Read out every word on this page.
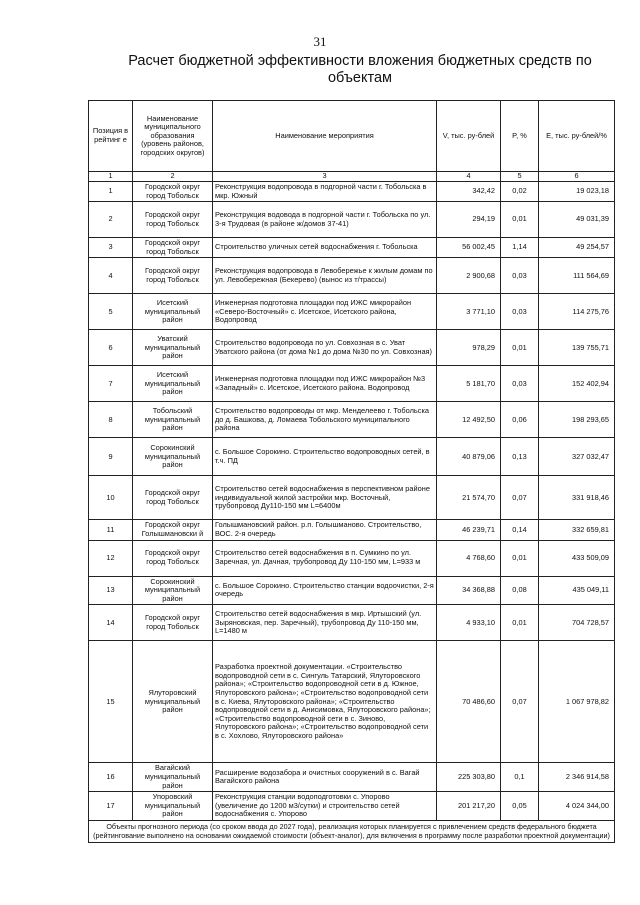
31
Расчет бюджетной эффективности вложения бюджетных средств по объектам
Позиция в рейтинг е	Наименование муниципального образования (уровень районов, городских округов)	Наименование мероприятия	V, тыс. ру-блей	P, %	E, тыс. ру-блей/%
1	2	3	4	5	6
1	Городской округ город Тобольск	Реконструкция водопровода в подгорной части г. Тобольска в мкр. Южный	342,42	0,02	19 023,18
2	Городской округ город Тобольск	Реконструкция водовода в подгорной части г. Тобольска по ул. 3-я Трудовая (в районе ж/домов 37-41)	294,19	0,01	49 031,39
3	Городской округ город Тобольск	Строительство уличных сетей водоснабжения г. Тобольска	56 002,45	1,14	49 254,57
4	Городской округ город Тобольск	Реконструкция водопровода в Левобережье к жилым домам по ул. Левобережная (Бекерево) (вынос из т/трассы)	2 900,68	0,03	111 564,69
5	Исетский муниципальный район	Инженерная подготовка площадки под ИЖС микрорайон «Северо-Восточный» с. Исетское, Исетского района, Водопровод	3 771,10	0,03	114 275,76
6	Уватский муниципальный район	Строительство водопровода по ул. Совхозная в с. Уват Уватского района (от дома №1 до дома №30 по ул. Совхозная)	978,29	0,01	139 755,71
7	Исетский муниципальный район	Инженерная подготовка площадки под ИЖС микрорайон №3 «Западный» с. Исетское, Исетского района. Водопровод	5 181,70	0,03	152 402,94
8	Тобольский муниципальный район	Строительство водопроводы от мкр. Менделеево г. Тобольска до д. Башкова, д. Ломаева Тобольского муниципального района	12 492,50	0,06	198 293,65
9	Сорокинский муниципальный район	с. Большое Сорокино. Строительство водопроводных сетей, в т.ч. ПД	40 879,06	0,13	327 032,47
10	Городской округ город Тобольск	Строительство сетей водоснабжения в перспективном районе индивидуальной жилой застройки мкр. Восточный, трубопровод Ду110-150 мм L=6400м	21 574,70	0,07	331 918,46
11	Городской округ Голышмановски й	Голышмановский район. р.п. Голышманово. Строительство, ВОС. 2-я очередь	46 239,71	0,14	332 659,81
12	Городской округ город Тобольск	Строительство сетей водоснабжения в п. Сумкино по ул. Заречная, ул. Дачная, трубопровод Ду 110-150 мм, L=933 м	4 768,60	0,01	433 509,09
13	Сорокинский муниципальный район	с. Большое Сорокино. Строительство станции водоочистки, 2-я очередь	34 368,88	0,08	435 049,11
14	Городской округ город Тобольск	Строительство сетей водоснабжения в мкр. Иртышский (ул. Зыряновская, пер. Заречный), трубопровод Ду 110-150 мм, L=1480 м	4 933,10	0,01	704 728,57
15	Ялуторовский муниципальный район	Разработка проектной документации. «Строительство водопроводной сети в с. Сингуль Татарский, Ялуторовского района»; «Строительство водопроводной сети в д. Южное, Ялуторовского района»; «Строительство водопроводной сети в с. Киева, Ялуторовского района»; «Строительство водопроводной сети в д. Анисимовка, Ялуторовского района»; «Строительство водопроводной сети в с. Зиново, Ялуторовского района»; «Строительство водопроводной сети в с. Хохлово, Ялуторовского района»	70 486,60	0,07	1 067 978,82
16	Вагайский муниципальный район	Расширение водозабора и очистных сооружений в с. Вагай Вагайского района	225 303,80	0,1	2 346 914,58
17	Упоровский муниципальный район	Реконструкция станции водоподготовки с. Упорово (увеличение до 1200 м3/сутки) и строительство сетей водоснабжения с. Упорово	201 217,20	0,05	4 024 344,00
Объекты прогнозного периода (со сроком ввода до 2027 года), реализация которых планируется с привлечением средств федерального бюджета (рейтингование выполнено на основании ожидаемой стоимости (объект-аналог), для включения в программу после разработки проектной документации)					
